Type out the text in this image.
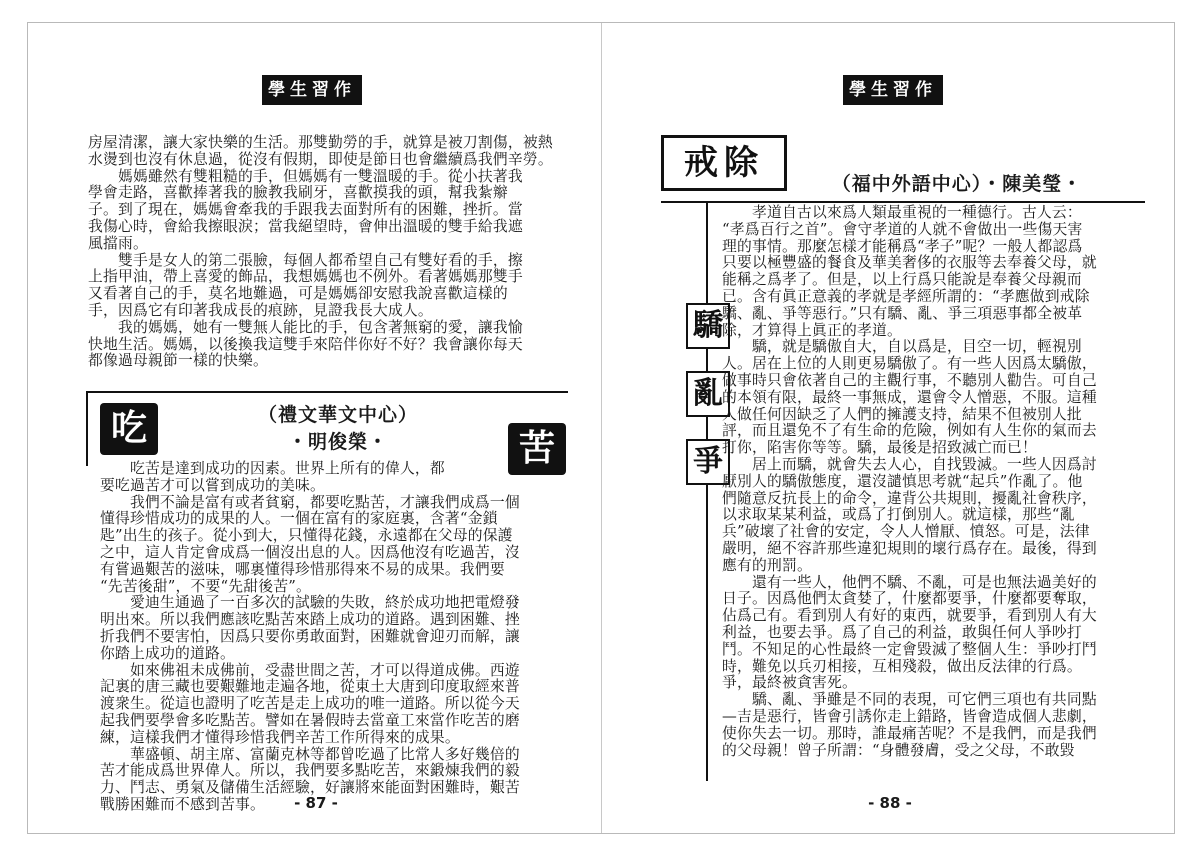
學生習作

房屋清潔，讓大家快樂的生活。那雙勤勞的手，就算是被刀割傷，被熱
水燙到也沒有休息過，從沒有假期，即使是節日也會繼續爲我們辛勞。

　　媽媽雖然有雙粗糙的手，但媽媽有一雙溫暖的手。從小扶著我
學會走路，喜歡捧著我的臉教我刷牙，喜歡摸我的頭，幫我紮辮
子。到了現在，媽媽會牽我的手跟我去面對所有的困難，挫折。當
我傷心時，會給我擦眼淚；當我絕望時，會伸出溫暖的雙手給我遮
風擋雨。

　　雙手是女人的第二張臉，每個人都希望自己有雙好看的手，擦
上指甲油，帶上喜愛的飾品，我想媽媽也不例外。看著媽媽那雙手
又看著自己的手，莫名地難過，可是媽媽卻安慰我說喜歡這樣的
手，因爲它有印著我成長的痕跡，見證我長大成人。

　　我的媽媽，她有一雙無人能比的手，包含著無窮的愛，讓我愉
快地生活。媽媽，以後換我這雙手來陪伴你好不好？我會讓你每天
都像過母親節一樣的快樂。

吃	（禮文華文中心）
・明俊榮・	苦

　　吃苦是達到成功的因素。世界上所有的偉人，都
要吃過苦才可以嘗到成功的美味。

　　我們不論是富有或者貧窮，都要吃點苦，才讓我們成爲一個
懂得珍惜成功的成果的人。一個在富有的家庭裏，含著“金鎖
匙”出生的孩子。從小到大，只懂得花錢，永遠都在父母的保護
之中，這人肯定會成爲一個沒出息的人。因爲他沒有吃過苦，沒
有嘗過艱苦的滋味，哪裏懂得珍惜那得來不易的成果。我們要
“先苦後甜”，不要“先甜後苦”。

　　愛迪生通過了一百多次的試驗的失敗，終於成功地把電燈發
明出來。所以我們應該吃點苦來踏上成功的道路。遇到困難、挫
折我們不要害怕，因爲只要你勇敢面對，困難就會迎刃而解，讓
你踏上成功的道路。

　　如來佛祖未成佛前，受盡世間之苦，才可以得道成佛。西遊
記裏的唐三藏也要艱難地走遍各地，從東土大唐到印度取經來普
渡衆生。從這也證明了吃苦是走上成功的唯一道路。所以從今天
起我們要學會多吃點苦。譬如在暑假時去當童工來當作吃苦的磨
練，這樣我們才懂得珍惜我們辛苦工作所得來的成果。

　　華盛頓、胡主席、富蘭克林等都曾吃過了比常人多好幾倍的
苦才能成爲世界偉人。所以，我們要多點吃苦，來鍛煉我們的毅
力、鬥志、勇氣及儲備生活經驗，好讓將來能面對困難時，艱苦
戰勝困難而不感到苦事。	- 87 -
學生習作
戒除
（福中外語中心）・陳美瑩・
驕
亂
爭

　　孝道自古以來爲人類最重視的一種德行。古人云：
“孝爲百行之首”。會守孝道的人就不會做出一些傷天害
理的事情。那麼怎樣才能稱爲“孝子”呢？一般人都認爲
只要以極豐盛的餐食及華美奢侈的衣服等去奉養父母，就
能稱之爲孝了。但是，以上行爲只能說是奉養父母親而
已。含有眞正意義的孝就是孝經所謂的：“孝應做到戒除
驕、亂、爭等惡行。”只有驕、亂、爭三項惡事都全被革
除，才算得上眞正的孝道。

　　驕，就是驕傲自大，自以爲是，目空一切，輕視別
人。居在上位的人則更易驕傲了。有一些人因爲太驕傲，
做事時只會依著自己的主觀行事，不聽別人勸告。可自己
的本領有限，最終一事無成，還會令人憎惡，不服。這種
人做任何因缺乏了人們的擁護支持，結果不但被別人批
評，而且還免不了有生命的危險，例如有人生你的氣而去
打你，陷害你等等。驕，最後是招致滅亡而已！

　　居上而驕，就會失去人心，自找毀滅。一些人因爲討
厭別人的驕傲態度，還沒譴慎思考就“起兵”作亂了。他
們隨意反抗長上的命令，違背公共規則，擾亂社會秩序，
以求取某某利益，或爲了打倒別人。就這樣，那些“亂
兵”破壞了社會的安定，令人人憎厭、憤怒。可是，法律
嚴明，絕不容許那些違犯規則的壞行爲存在。最後，得到
應有的刑罰。

　　還有一些人，他們不驕、不亂，可是也無法過美好的
日子。因爲他們太貪婪了，什麼都要爭，什麼都要奪取，
佔爲己有。看到別人有好的東西，就要爭，看到別人有大
利益，也要去爭。爲了自己的利益，敢與任何人爭吵打
鬥。不知足的心性最終一定會毀滅了整個人生：爭吵打鬥
時，難免以兵刃相接，互相殘殺，做出反法律的行爲。
爭，最終被貪害死。

　　驕、亂、爭雖是不同的表現，可它們三項也有共同點
—吉是惡行，皆會引誘你走上錯路，皆會造成個人悲劇，
使你失去一切。那時，誰最痛苦呢？不是我們，而是我們
的父母親！曾子所謂：“身體發膚，受之父母，不敢毀

- 88 -
